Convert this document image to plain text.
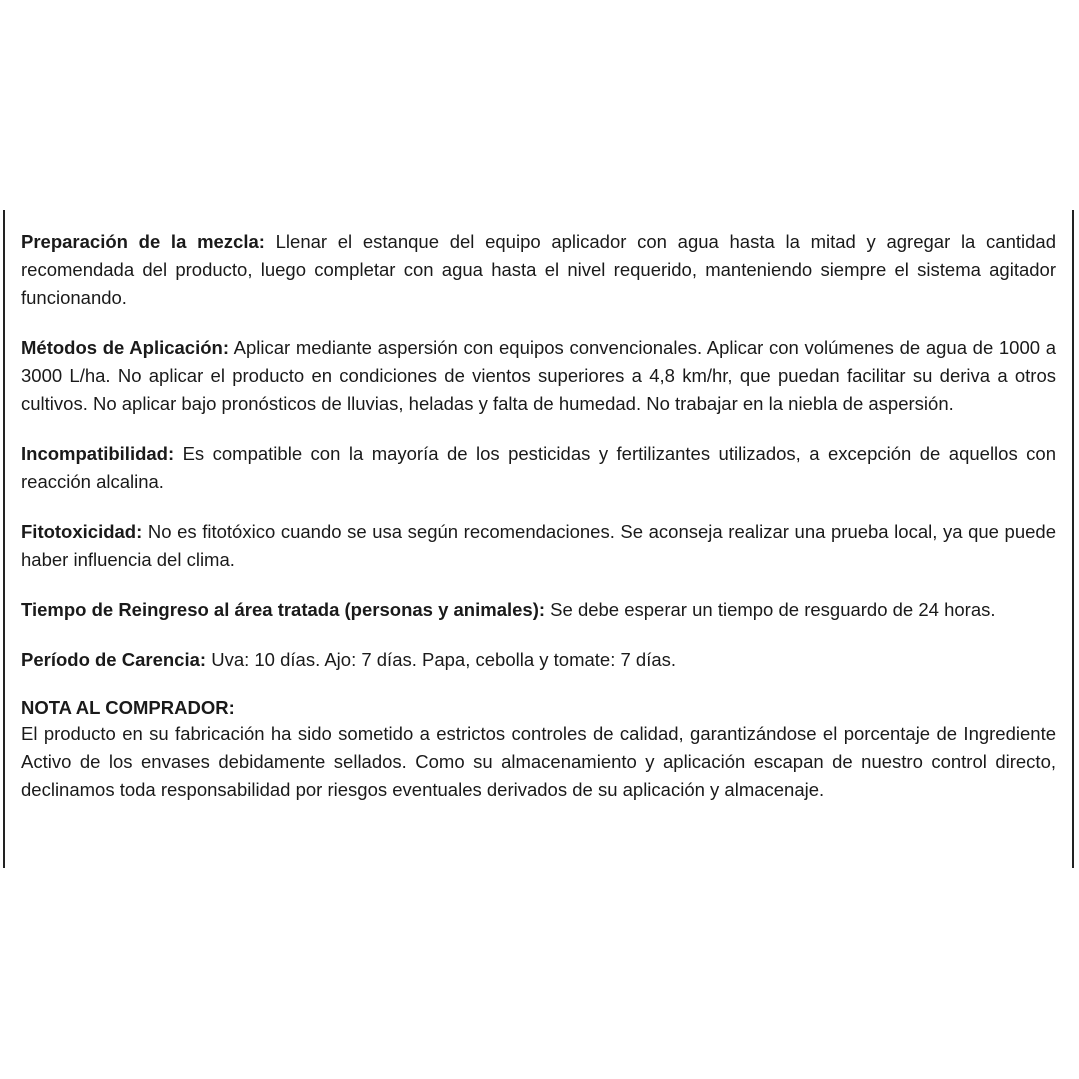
Preparación de la mezcla: Llenar el estanque del equipo aplicador con agua hasta la mitad y agregar la cantidad recomendada del producto, luego completar con agua hasta el nivel requerido, manteniendo siempre el sistema agitador funcionando.

Métodos de Aplicación: Aplicar mediante aspersión con equipos convencionales. Aplicar con volúmenes de agua de 1000 a 3000 L/ha. No aplicar el producto en condiciones de vientos superiores a 4,8 km/hr, que puedan facilitar su deriva a otros cultivos. No aplicar bajo pronósticos de lluvias, heladas y falta de humedad. No trabajar en la niebla de aspersión.

Incompatibilidad: Es compatible con la mayoría de los pesticidas y fertilizantes utilizados, a excepción de aquellos con reacción alcalina.

Fitotoxicidad: No es fitotóxico cuando se usa según recomendaciones. Se aconseja realizar una prueba local, ya que puede haber influencia del clima.

Tiempo de Reingreso al área tratada (personas y animales): Se debe esperar un tiempo de resguardo de 24 horas.

Período de Carencia: Uva: 10 días. Ajo: 7 días. Papa, cebolla y tomate: 7 días.

NOTA AL COMPRADOR:
El producto en su fabricación ha sido sometido a estrictos controles de calidad, garantizándose el porcentaje de Ingrediente Activo de los envases debidamente sellados. Como su almacenamiento y aplicación escapan de nuestro control directo, declinamos toda responsabilidad por riesgos eventuales derivados de su aplicación y almacenaje.
